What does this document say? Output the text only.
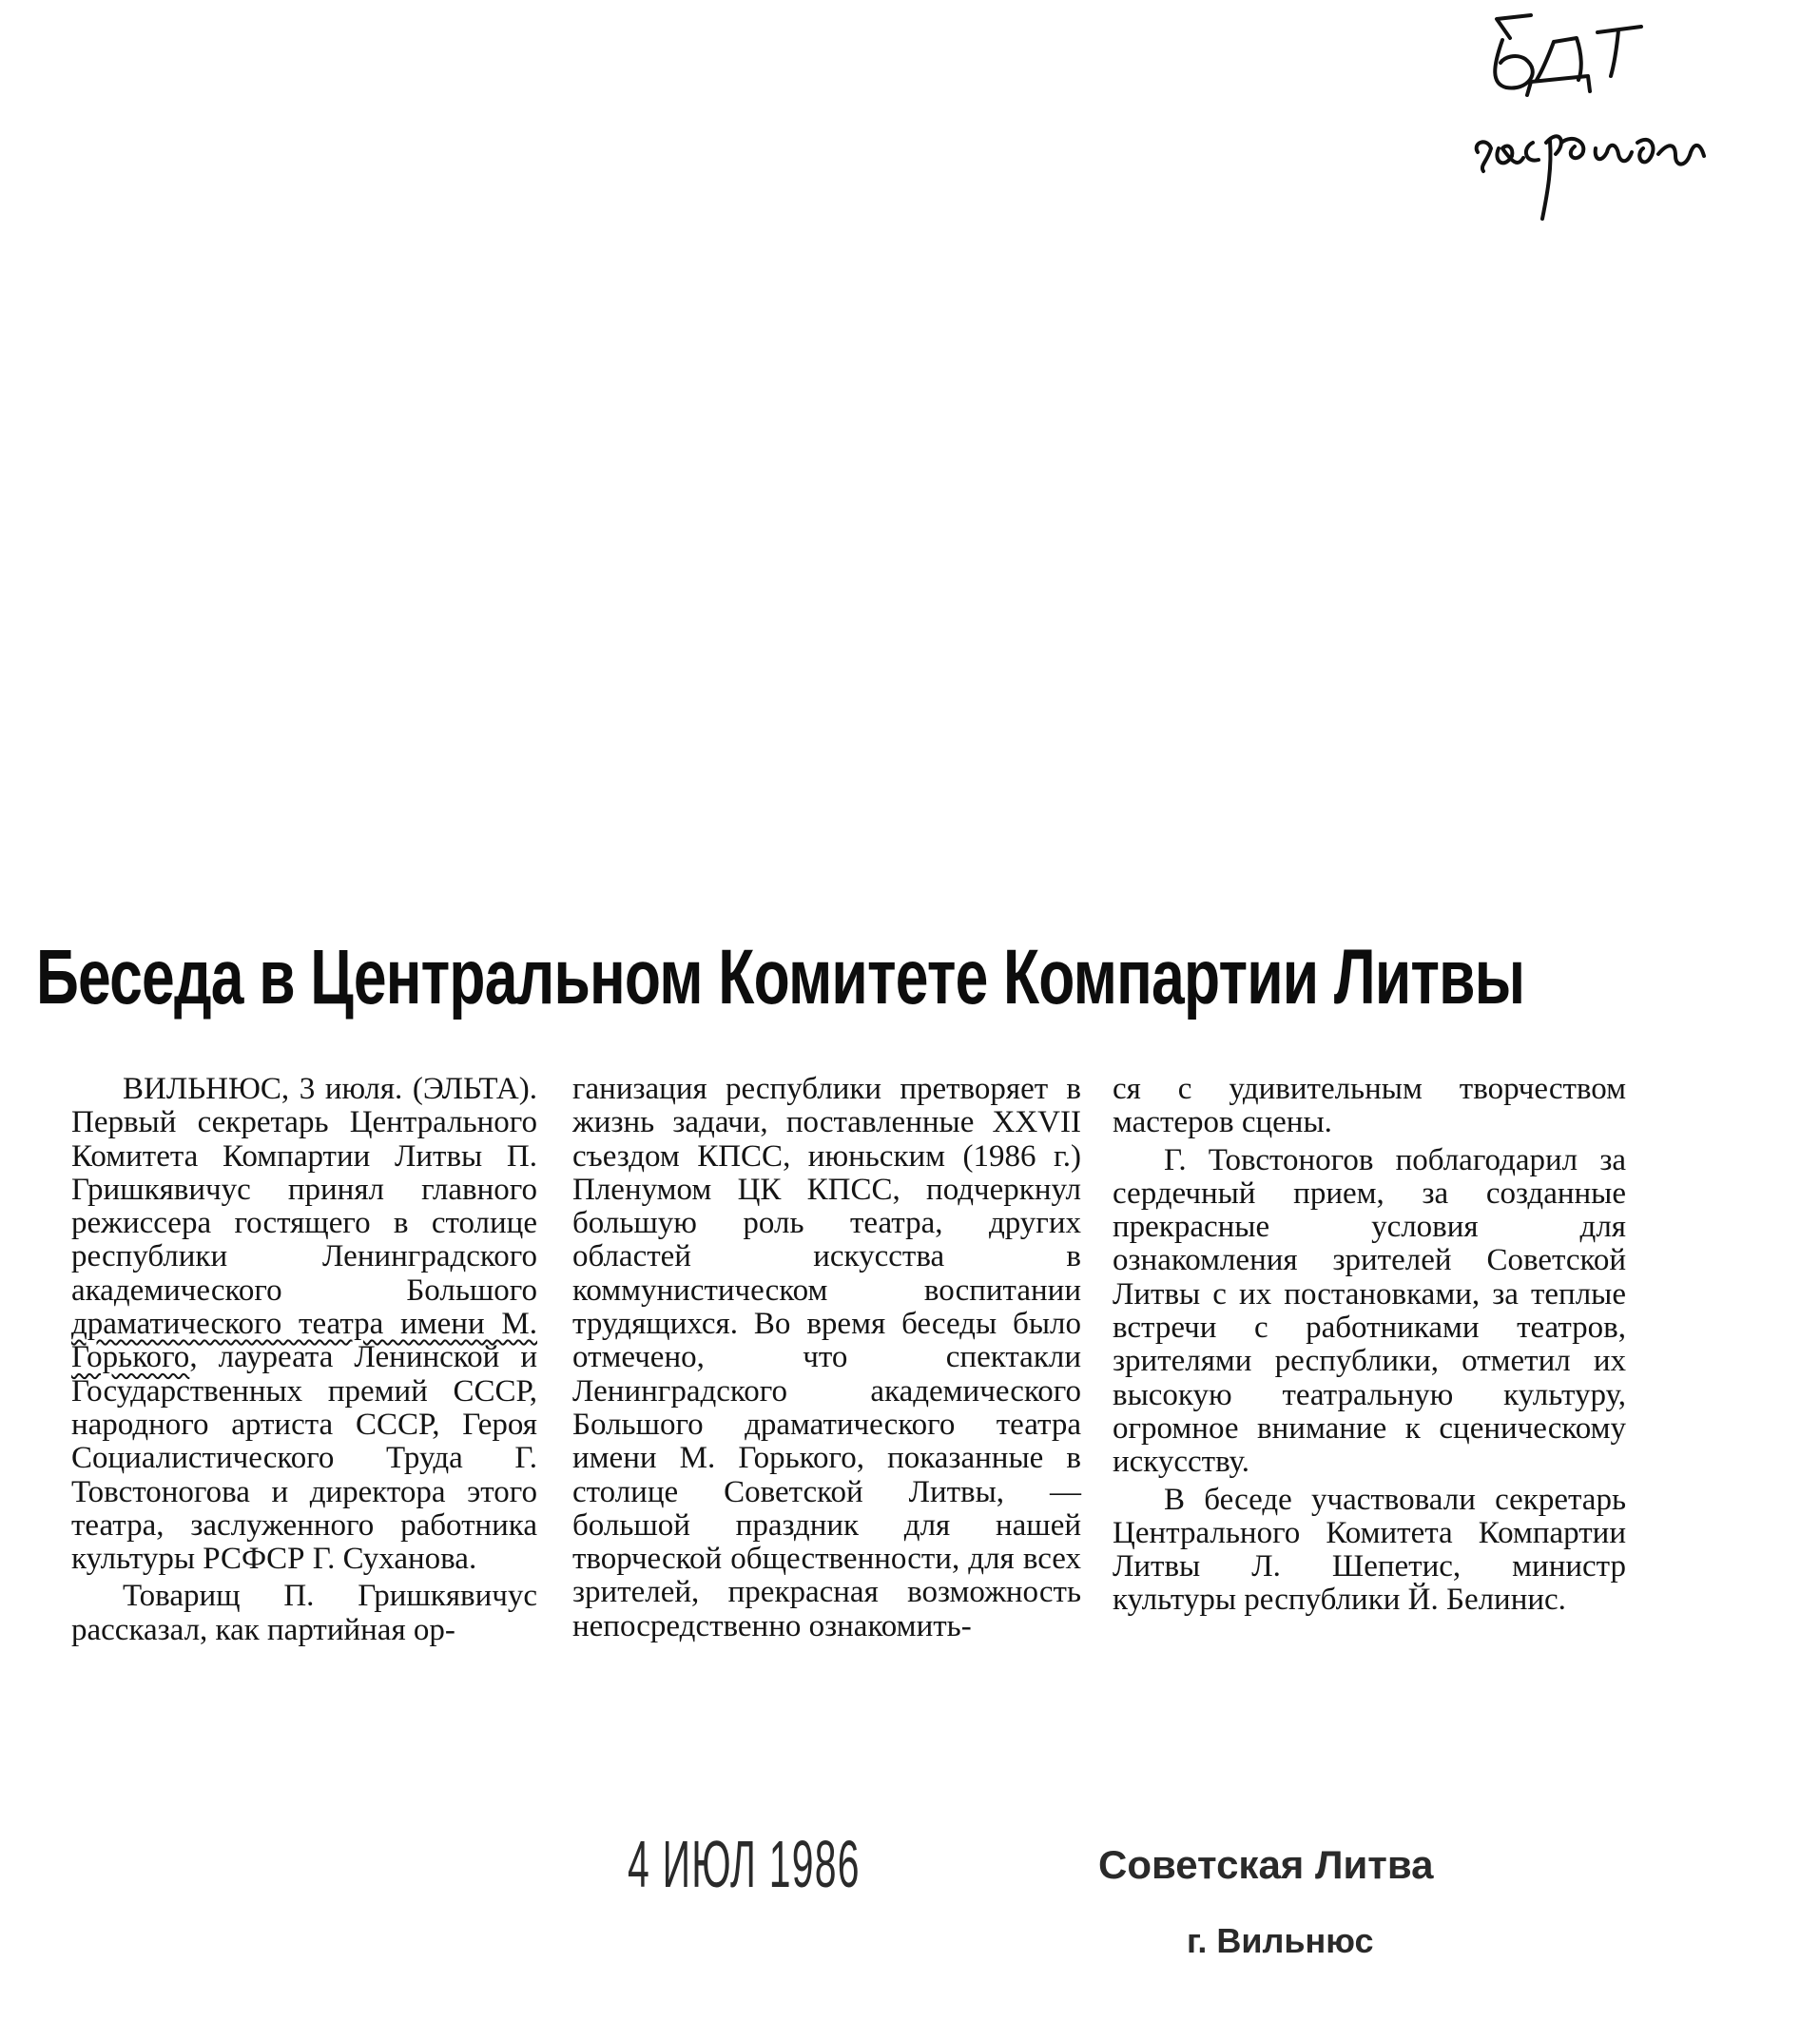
Беседа в Центральном Комитете Компартии Литвы

ВИЛЬНЮС, 3 июля. (ЭЛЬТА). Первый секретарь Центрального Комитета Компартии Литвы П. Гришкявичус принял главного режиссера гостящего в столице республики Ленинградского академического Большого драматического театра имени М. Горького, лауреата Ленинской и Государственных премий СССР, народного артиста СССР, Героя Социалистического Труда Г. Товстоногова и директора этого театра, заслуженного работника культуры РСФСР Г. Суханова.

Товарищ П. Гришкявичус рассказал, как партийная ор-

ганизация республики претворяет в жизнь задачи, поставленные XXVII съездом КПСС, июньским (1986 г.) Пленумом ЦК КПСС, подчеркнул большую роль театра, других областей искусства в коммунистическом воспитании трудящихся. Во время беседы было отмечено, что спектакли Ленинградского академического Большого драматического театра имени М. Горького, показанные в столице Советской Литвы, — большой праздник для нашей творческой общественности, для всех зрителей, прекрасная возможность непосредственно ознакомить-

ся с удивительным творчеством мастеров сцены.

Г. Товстоногов поблагодарил за сердечный прием, за созданные прекрасные условия для ознакомления зрителей Советской Литвы с их постановками, за теплые встречи с работниками театров, зрителями республики, отметил их высокую театральную культуру, огромное внимание к сценическому искусству.

В беседе участвовали секретарь Центрального Комитета Компартии Литвы Л. Шепетис, министр культуры республики Й. Белинис.

4 ИЮЛ 1986	Советская Литва
г. Вильнюс
